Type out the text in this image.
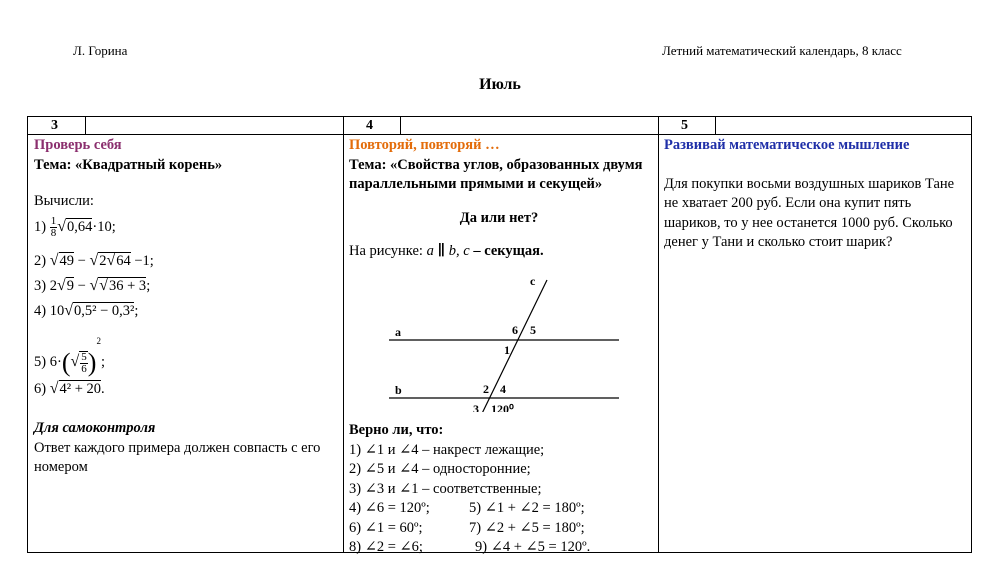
Л. Горина	Летний математический календарь, 8 класс
Июль
3	4	5
Проверь себя
Тема: «Квадратный корень»
Вычисли:
$1) \frac{1}{8} √0,64\cdot 10$;
2) √49 − √2√64 −1;
3) 2√9 − √√36 + 3;
4) 10√0,5² − 0,3²;
5) $6\cdot(√ \frac{5}{6} )^2$;
6) √4² + 20.
Для самоконтроля
Ответ каждого примера должен совпасть с его номером
Повторяй, повторяй …
Тема: «Свойства углов, образованных двумя параллельными прямыми и секущей»
Да или нет?
На рисунке: a ∥ b, c – секущая.
a
b
c
6 5
1
2 4
3 120⁰
Верно ли, что:
1) ∠1 и ∠4 – накрест лежащие;
2) ∠5 и ∠4 – односторонние;
3) ∠3 и ∠1 – соответственные;
4) ∠6 = 120º;	5) ∠1 + ∠2 = 180º;
6) ∠1 = 60º;	7) ∠2 + ∠5 = 180º;
8) ∠2 = ∠6;	9) ∠4 + ∠5 = 120º.
Развивай математическое мышление
Для покупки восьми воздушных шариков Тане не хватает 200 руб. Если она купит пять шариков, то у нее останется 1000 руб. Сколько денег у Тани и сколько стоит шарик?
